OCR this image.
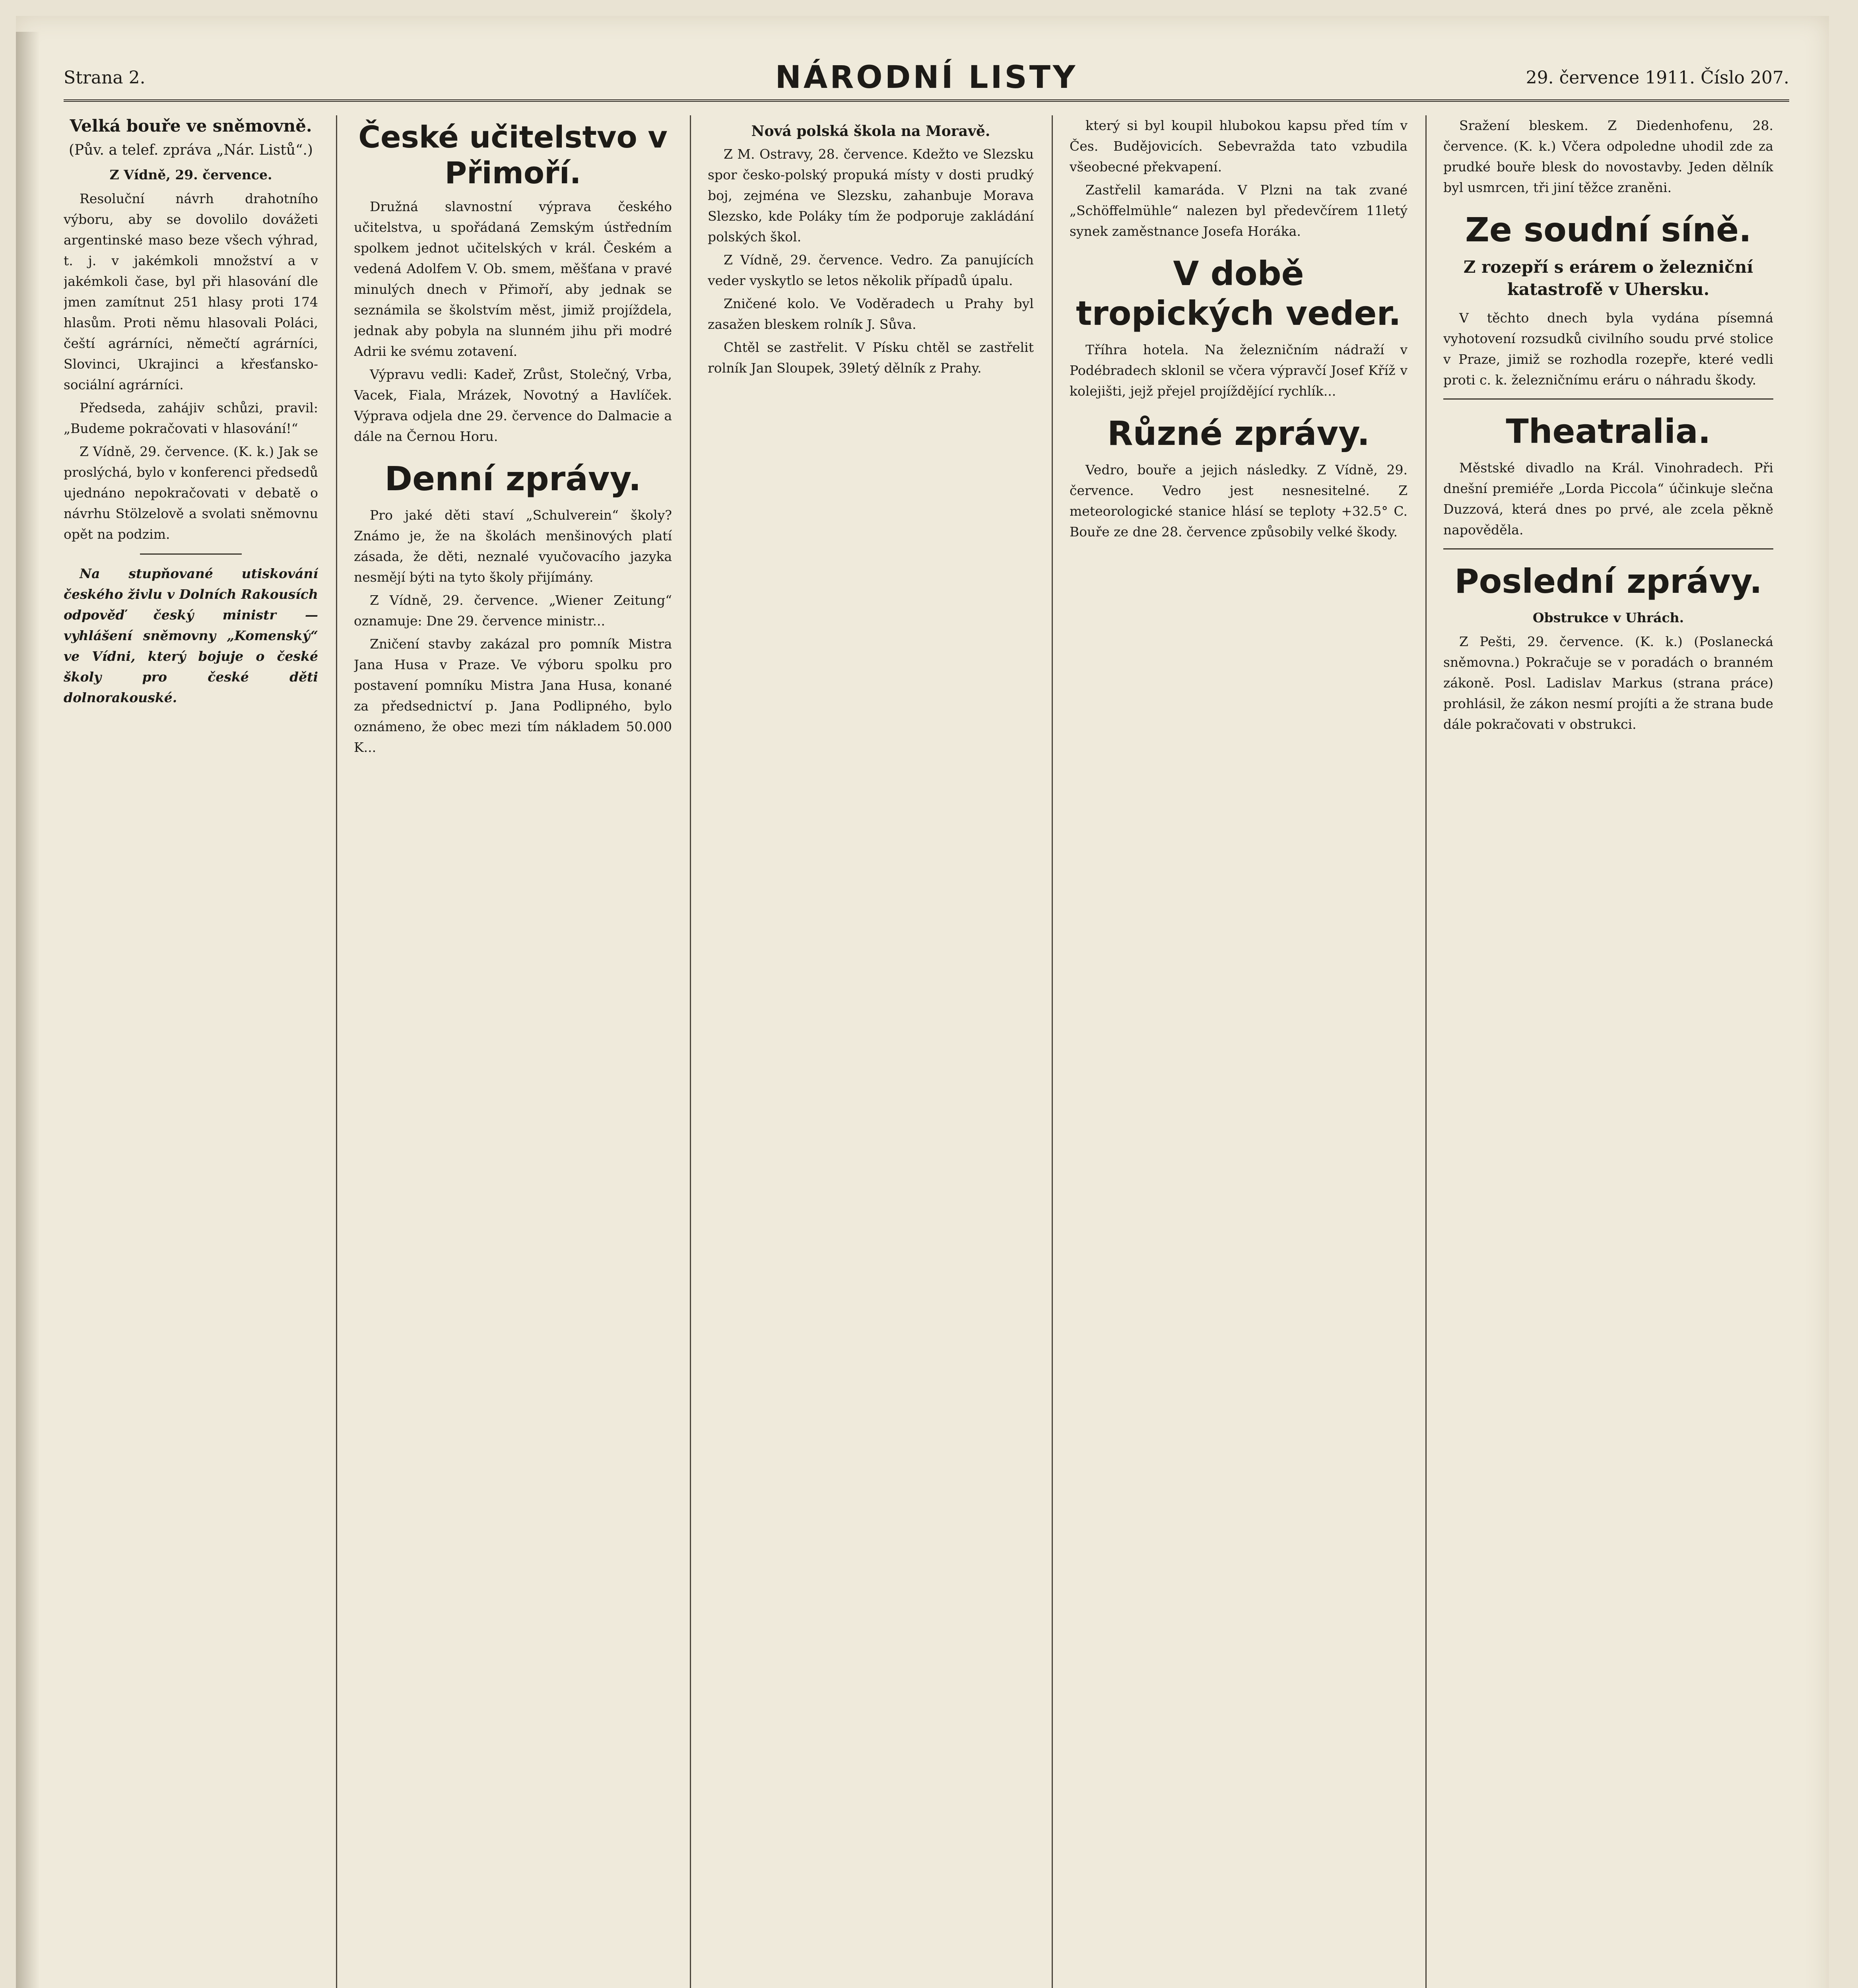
Strana 2.	NÁRODNÍ LISTY	29. července 1911. Číslo 207.
Velká bouře ve sněmovně.
(Pův. a telef. zpráva „Nár. Listů“.)
Z Vídně, 29. července.

Resoluční návrh drahotního výboru, aby se dovolilo dovážeti argentinské maso beze všech výhrad, t. j. v jakémkoli množství a v jakémkoli čase, byl při hlasování dle jmen zamítnut 251 hlasy proti 174 hlasům. Proti němu hlasovali Poláci, čeští agrárníci, němečtí agrárníci, Slovinci, Ukrajinci a křesťansko-sociální agrárníci.

Předseda, zahájiv schůzi, pravil: „Budeme pokračovati v hlasování!“

Z Vídně, 29. července. (K. k.) Jak se proslýchá, bylo v konferenci předsedů ujednáno nepokračovati v debatě o návrhu Stölzelově a svolati sněmovnu opět na podzim.

Na stupňované utiskování českého živlu v Dolních Rakousích odpověď český ministr — vyhlášení sněmovny „Komenský“ ve Vídni, který bojuje o české školy pro české děti dolnorakouské.

České učitelstvo v Přimoří.

Družná slavnostní výprava českého učitelstva, u spořádaná Zemským ústředním spolkem jednot učitelských v král. Českém a vedená Adolfem V. Ob. smem, měšťana v pravé minulých dnech v Přimoří, aby jednak se seznámila se školstvím měst, jimiž projíždela, jednak aby pobyla na slunném jihu při modré Adrii ke svému zotavení.

Výpravu vedli: Kadeř, Zrůst, Stolečný, Vrba, Vacek, Fiala, Mrázek, Novotný a Havlíček. Výprava odjela dne 29. července do Dalmacie a dále na Černou Horu.

Denní zprávy.

Pro jaké děti staví „Schulverein“ školy? Známo je, že na školách menšinových platí zásada, že děti, neznalé vyučovacího jazyka nesmějí býti na tyto školy přijímány.

Z Vídně, 29. července. „Wiener Zeitung“ oznamuje: Dne 29. července ministr...

Zničení stavby zakázal pro pomník Mistra Jana Husa v Praze. Ve výboru spolku pro postavení pomníku Mistra Jana Husa, konané za předsednictví p. Jana Podlipného, bylo oznámeno, že obec mezi tím nákladem 50.000 K...

Nová polská škola na Moravě.

Z M. Ostravy, 28. července. Kdežto ve Slezsku spor česko-polský propuká místy v dosti prudký boj, zejména ve Slezsku, zahanbuje Morava Slezsko, kde Poláky tím že podporuje zakládání polských škol.

Z Vídně, 29. července. Vedro. Za panujících veder vyskytlo se letos několik případů úpalu.

Zničené kolo. Ve Voděradech u Prahy byl zasažen bleskem rolník J. Sůva.

Chtěl se zastřelit. V Písku chtěl se zastřelit rolník Jan Sloupek, 39letý dělník z Prahy.

který si byl koupil hlubokou kapsu před tím v Čes. Budějovicích. Sebevražda tato vzbudila všeobecné překvapení.

Zastřelil kamaráda. V Plzni na tak zvané „Schöffelmühle“ nalezen byl předevčírem 11letý synek zaměstnance Josefa Horáka.

V době tropických veder.

Tříhra hotela. Na železničním nádraží v Podébradech sklonil se včera výpravčí Josef Kříž v kolejišti, jejž přejel projíždějící rychlík...

Různé zprávy.

Vedro, bouře a jejich následky. Z Vídně, 29. července. Vedro jest nesnesitelné. Z meteorologické stanice hlásí se teploty +32.5° C. Bouře ze dne 28. července způsobily velké škody.

Sražení bleskem. Z Diedenhofenu, 28. července. (K. k.) Včera odpoledne uhodil zde za prudké bouře blesk do novostavby. Jeden dělník byl usmrcen, tři jiní těžce zraněni.

Ze soudní síně.
Z rozepří s erárem o železniční katastrofě v Uhersku.

V těchto dnech byla vydána písemná vyhotovení rozsudků civilního soudu prvé stolice v Praze, jimiž se rozhodla rozepře, které vedli proti c. k. železničnímu eráru o náhradu škody.

Theatralia.

Městské divadlo na Král. Vinohradech. Při dnešní premiéře „Lorda Piccola“ účinkuje slečna Duzzová, která dnes po prvé, ale zcela pěkně napověděla.

Poslední zprávy.
Obstrukce v Uhrách.

Z Pešti, 29. července. (K. k.) (Poslanecká sněmovna.) Pokračuje se v poradách o branném zákoně. Posl. Ladislav Markus (strana práce) prohlásil, že zákon nesmí projíti a že strana bude dále pokračovati v obstrukci.
